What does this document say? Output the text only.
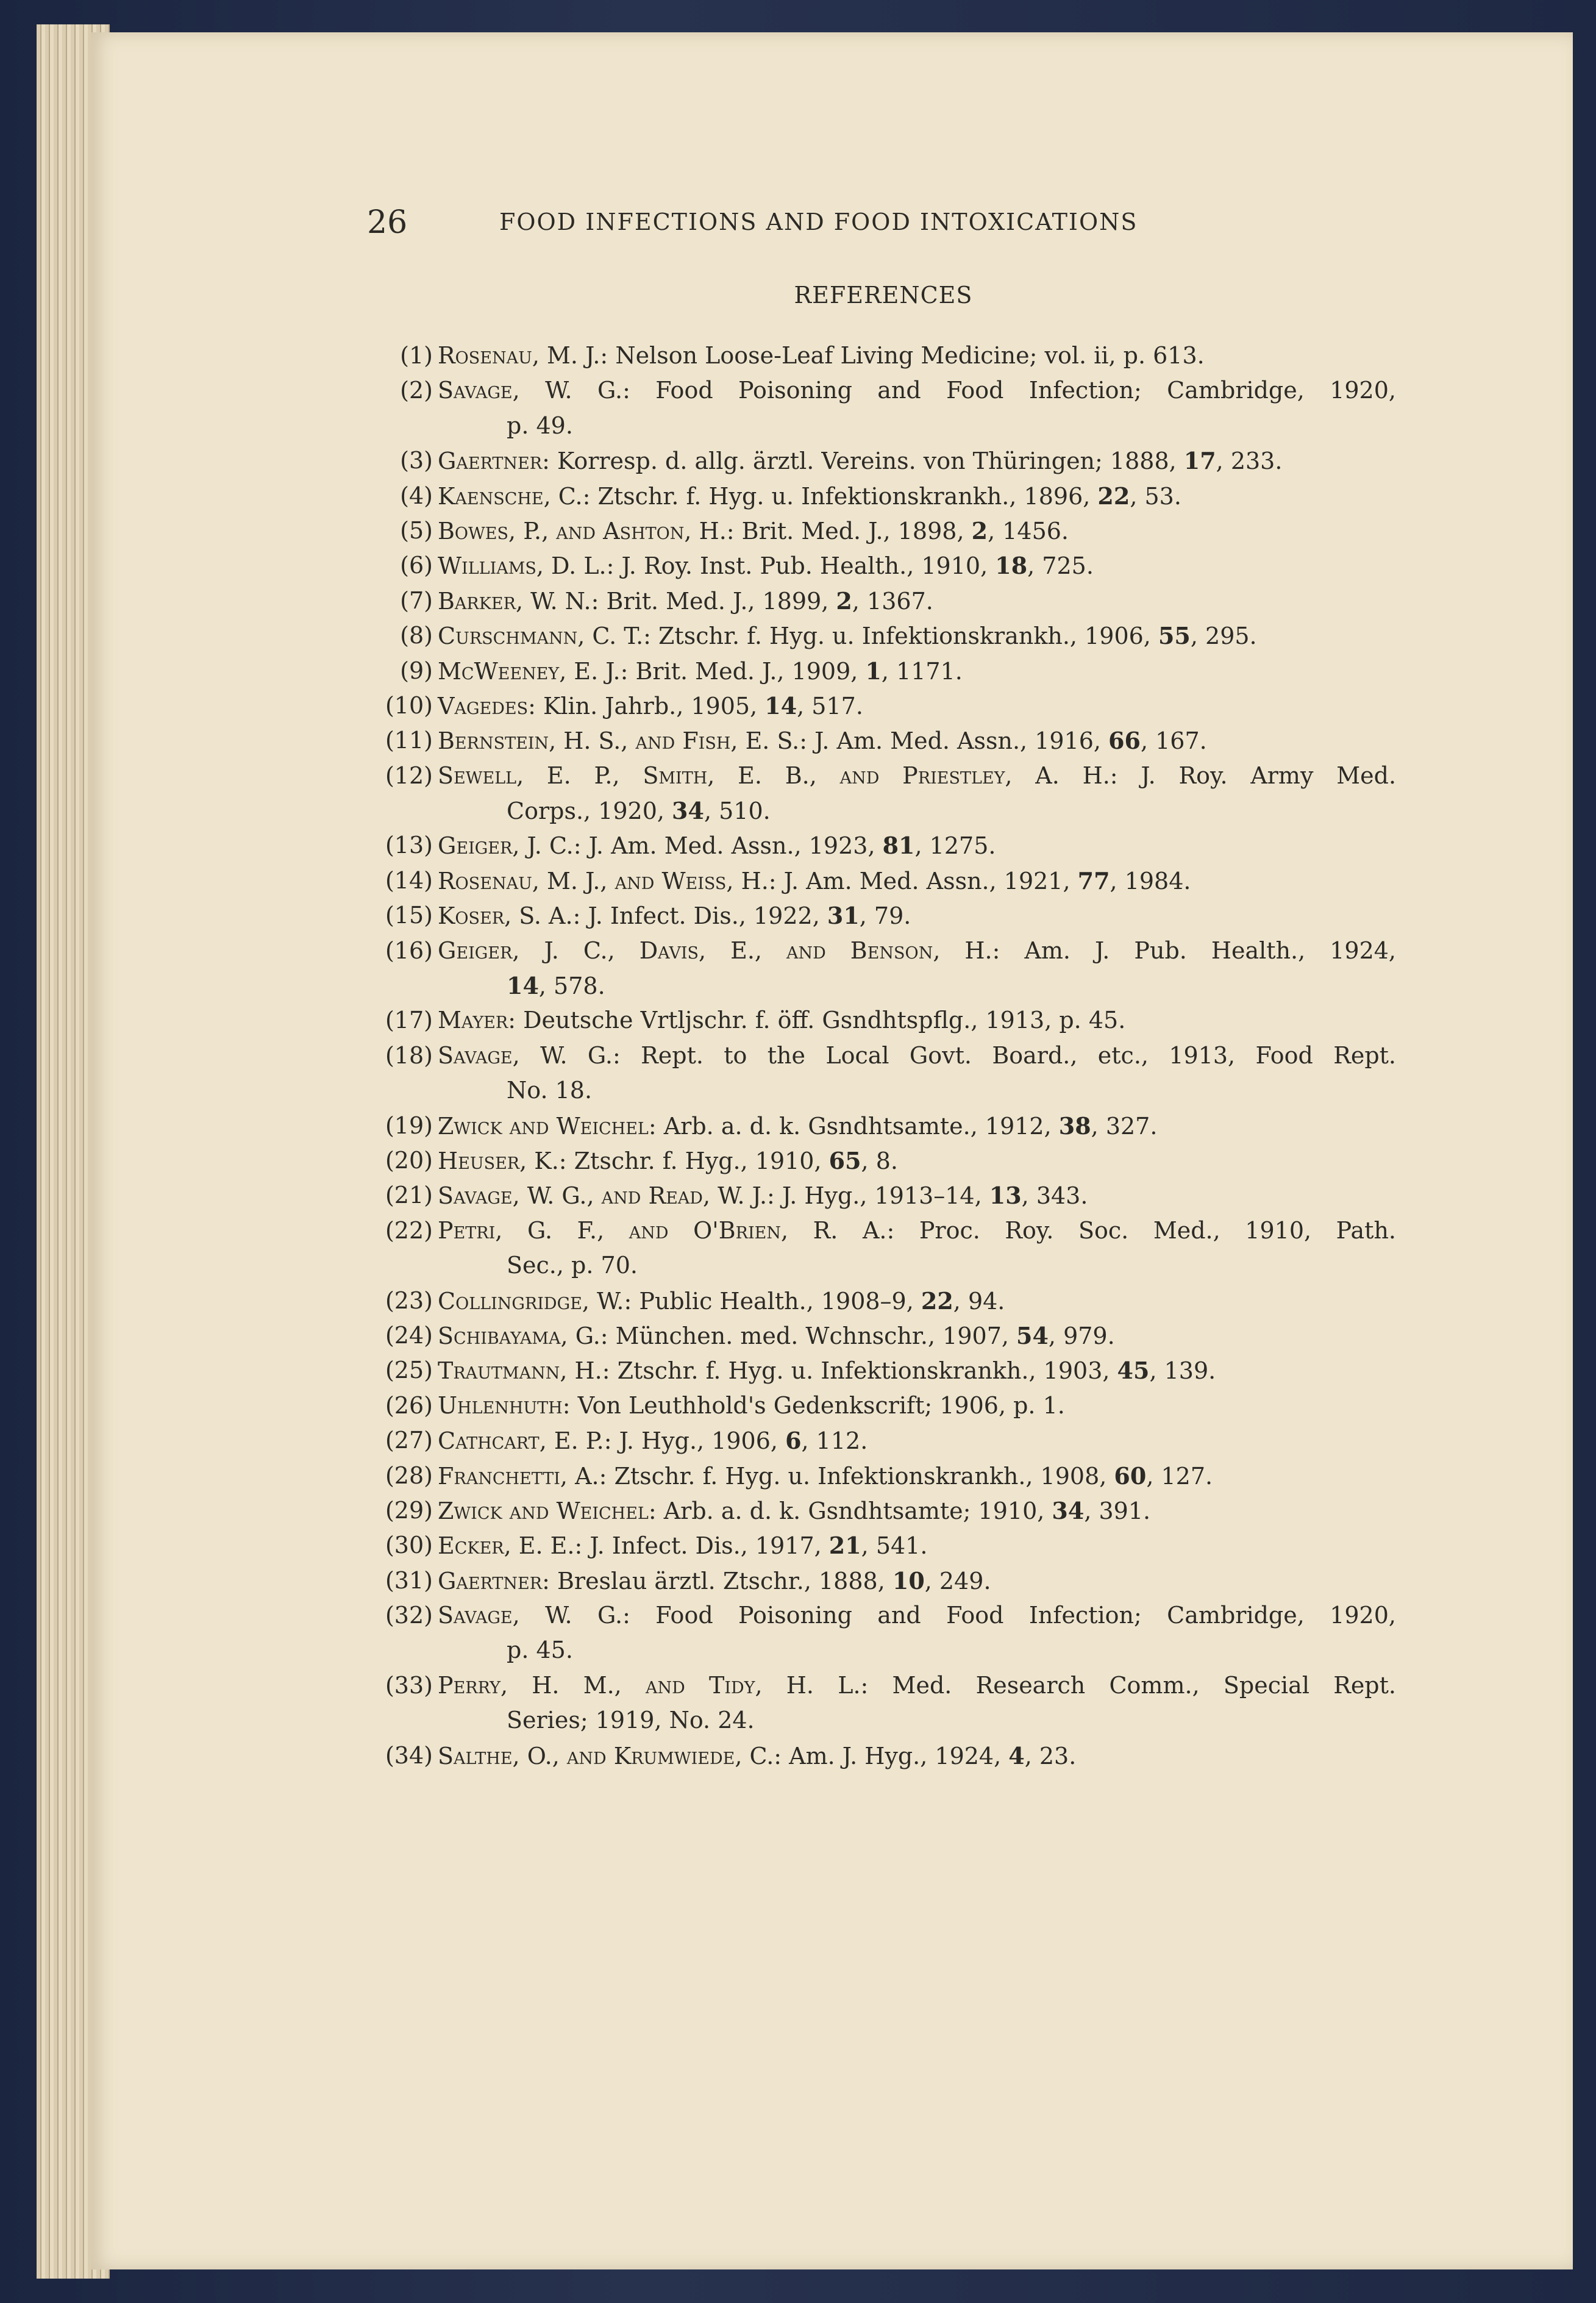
26	FOOD INFECTIONS AND FOOD INTOXICATIONS
REFERENCES
(1) Rosenau, M. J.: Nelson Loose-Leaf Living Medicine; vol. ii, p. 613.
(2) Savage, W. G.: Food Poisoning and Food Infection; Cambridge, 1920,
p. 49.
(3) Gaertner: Korresp. d. allg. ärztl. Vereins. von Thüringen; 1888, 17, 233.
(4) Kaensche, C.: Ztschr. f. Hyg. u. Infektionskrankh., 1896, 22, 53.
(5) Bowes, P., and Ashton, H.: Brit. Med. J., 1898, 2, 1456.
(6) Williams, D. L.: J. Roy. Inst. Pub. Health., 1910, 18, 725.
(7) Barker, W. N.: Brit. Med. J., 1899, 2, 1367.
(8) Curschmann, C. T.: Ztschr. f. Hyg. u. Infektionskrankh., 1906, 55, 295.
(9) McWeeney, E. J.: Brit. Med. J., 1909, 1, 1171.
(10) Vagedes: Klin. Jahrb., 1905, 14, 517.
(11) Bernstein, H. S., and Fish, E. S.: J. Am. Med. Assn., 1916, 66, 167.
(12) Sewell, E. P., Smith, E. B., and Priestley, A. H.: J. Roy. Army Med.
Corps., 1920, 34, 510.
(13) Geiger, J. C.: J. Am. Med. Assn., 1923, 81, 1275.
(14) Rosenau, M. J., and Weiss, H.: J. Am. Med. Assn., 1921, 77, 1984.
(15) Koser, S. A.: J. Infect. Dis., 1922, 31, 79.
(16) Geiger, J. C., Davis, E., and Benson, H.: Am. J. Pub. Health., 1924,
14, 578.
(17) Mayer: Deutsche Vrtljschr. f. öff. Gsndhtspflg., 1913, p. 45.
(18) Savage, W. G.: Rept. to the Local Govt. Board., etc., 1913, Food Rept.
No. 18.
(19) Zwick and Weichel: Arb. a. d. k. Gsndhtsamte., 1912, 38, 327.
(20) Heuser, K.: Ztschr. f. Hyg., 1910, 65, 8.
(21) Savage, W. G., and Read, W. J.: J. Hyg., 1913–14, 13, 343.
(22) Petri, G. F., and O'Brien, R. A.: Proc. Roy. Soc. Med., 1910, Path.
Sec., p. 70.
(23) Collingridge, W.: Public Health., 1908–9, 22, 94.
(24) Schibayama, G.: München. med. Wchnschr., 1907, 54, 979.
(25) Trautmann, H.: Ztschr. f. Hyg. u. Infektionskrankh., 1903, 45, 139.
(26) Uhlenhuth: Von Leuthhold's Gedenkscrift; 1906, p. 1.
(27) Cathcart, E. P.: J. Hyg., 1906, 6, 112.
(28) Franchetti, A.: Ztschr. f. Hyg. u. Infektionskrankh., 1908, 60, 127.
(29) Zwick and Weichel: Arb. a. d. k. Gsndhtsamte; 1910, 34, 391.
(30) Ecker, E. E.: J. Infect. Dis., 1917, 21, 541.
(31) Gaertner: Breslau ärztl. Ztschr., 1888, 10, 249.
(32) Savage, W. G.: Food Poisoning and Food Infection; Cambridge, 1920,
p. 45.
(33) Perry, H. M., and Tidy, H. L.: Med. Research Comm., Special Rept.
Series; 1919, No. 24.
(34) Salthe, O., and Krumwiede, C.: Am. J. Hyg., 1924, 4, 23.
